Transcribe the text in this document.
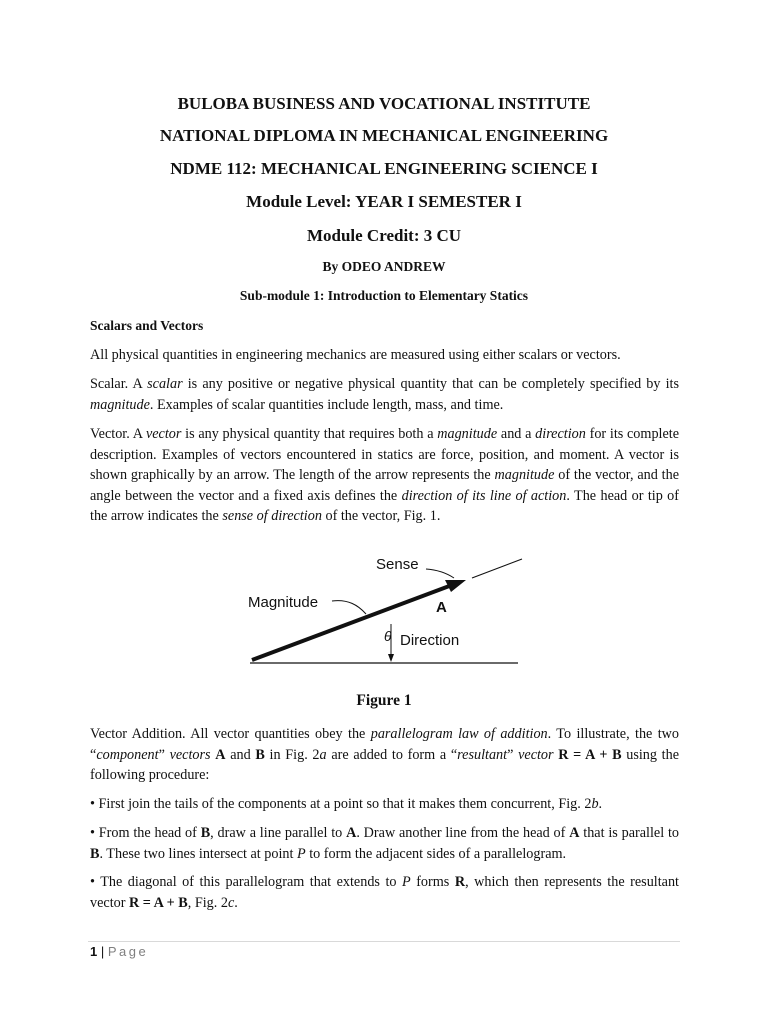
BULOBA BUSINESS AND VOCATIONAL INSTITUTE
NATIONAL DIPLOMA IN MECHANICAL ENGINEERING
NDME 112: MECHANICAL ENGINEERING SCIENCE I
Module Level: YEAR I SEMESTER I
Module Credit: 3 CU
By ODEO ANDREW
Sub-module 1: Introduction to Elementary Statics
Scalars and Vectors
All physical quantities in engineering mechanics are measured using either scalars or vectors.
Scalar. A scalar is any positive or negative physical quantity that can be completely specified by its magnitude. Examples of scalar quantities include length, mass, and time.
Vector. A vector is any physical quantity that requires both a magnitude and a direction for its complete description. Examples of vectors encountered in statics are force, position, and moment. A vector is shown graphically by an arrow. The length of the arrow represents the magnitude of the vector, and the angle between the vector and a fixed axis defines the direction of its line of action. The head or tip of the arrow indicates the sense of direction of the vector, Fig. 1.
Sense
Magnitude	A
θ Direction
Figure 1
Vector Addition. All vector quantities obey the parallelogram law of addition. To illustrate, the two “component” vectors A and B in Fig. 2a are added to form a “resultant” vector R = A + B using the following procedure:
• First join the tails of the components at a point so that it makes them concurrent, Fig. 2b.
• From the head of B, draw a line parallel to A. Draw another line from the head of A that is parallel to B. These two lines intersect at point P to form the adjacent sides of a parallelogram.
• The diagonal of this parallelogram that extends to P forms R, which then represents the resultant vector R = A + B, Fig. 2c.
1 | Page
